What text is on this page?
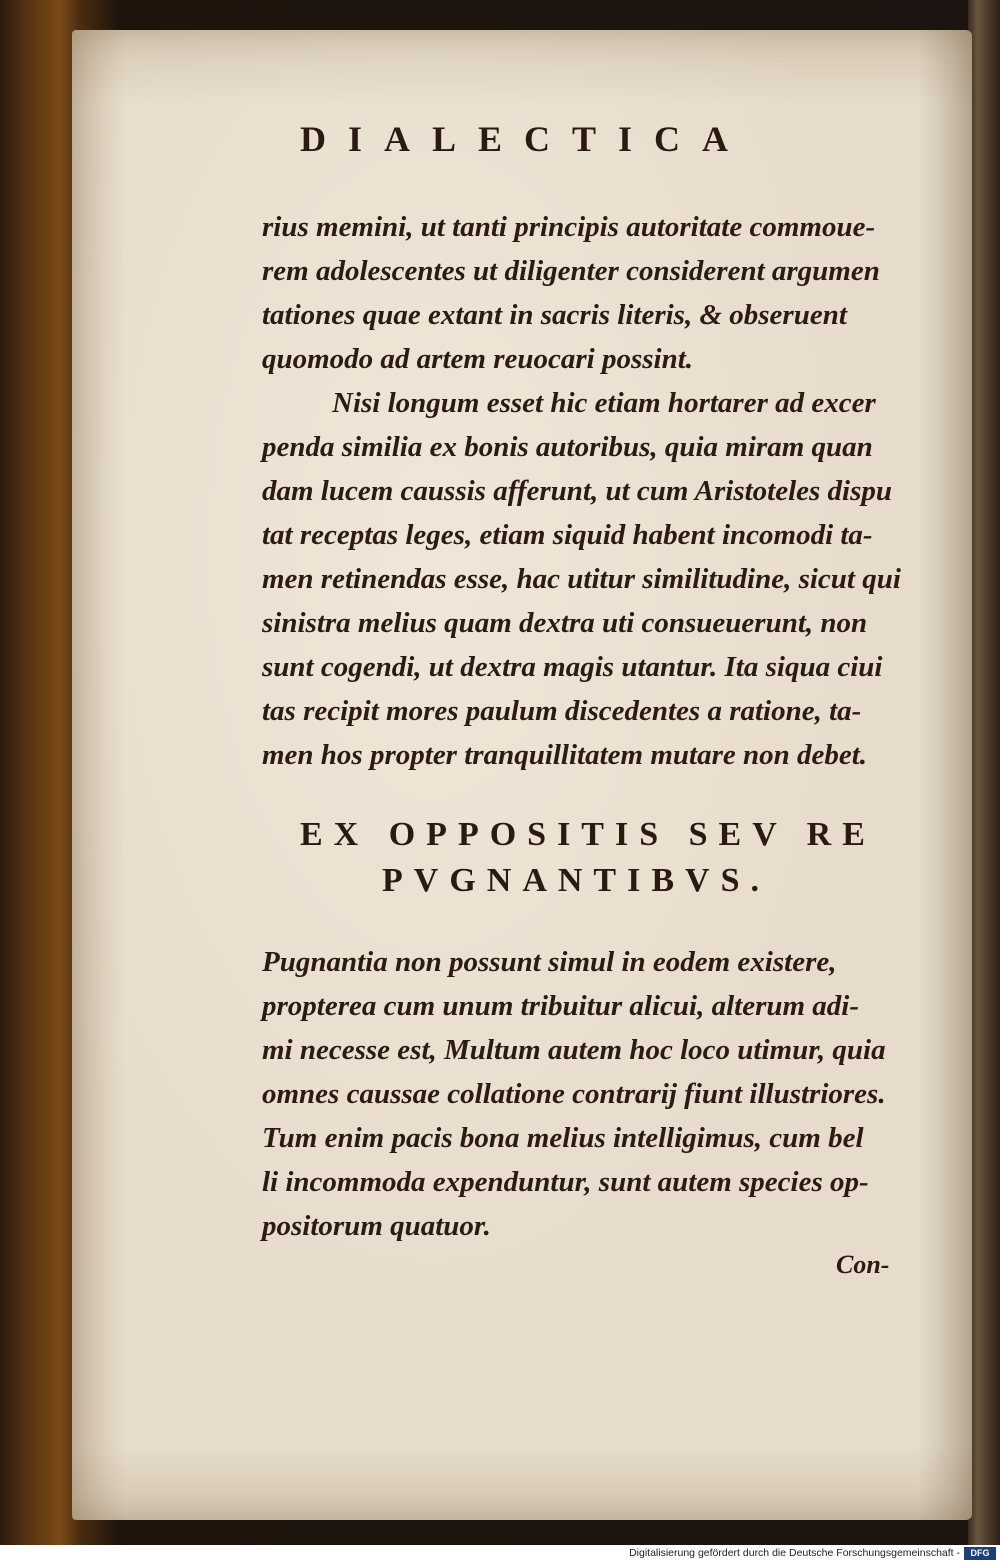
DIALECTICA
rius memini, ut tanti principis autoritate commoue-
rem adolescentes ut diligenter considerent argumen
tationes quae extant in sacris literis, & obseruent
quomodo ad artem reuocari possint.
Nisi longum esset hic etiam hortarer ad excer
penda similia ex bonis autoribus, quia miram quan
dam lucem caussis afferunt, ut cum Aristoteles dispu
tat receptas leges, etiam siquid habent incomodi ta-
men retinendas esse, hac utitur similitudine, sicut qui
sinistra melius quam dextra uti consueuerunt, non
sunt cogendi, ut dextra magis utantur. Ita siqua ciui
tas recipit mores paulum discedentes a ratione, ta-
men hos propter tranquillitatem mutare non debet.
EX OPPOSITIS SEV RE
PVGNANTIBVS.
Pugnantia non possunt simul in eodem existere,
propterea cum unum tribuitur alicui, alterum adi-
mi necesse est, Multum autem hoc loco utimur, quia
omnes caussae collatione contrarij fiunt illustriores.
Tum enim pacis bona melius intelligimus, cum bel
li incommoda expenduntur, sunt autem species op-
positorum quatuor.
Con-
Digitalisierung gefördert durch die Deutsche Forschungsgemeinschaft -	DFG
